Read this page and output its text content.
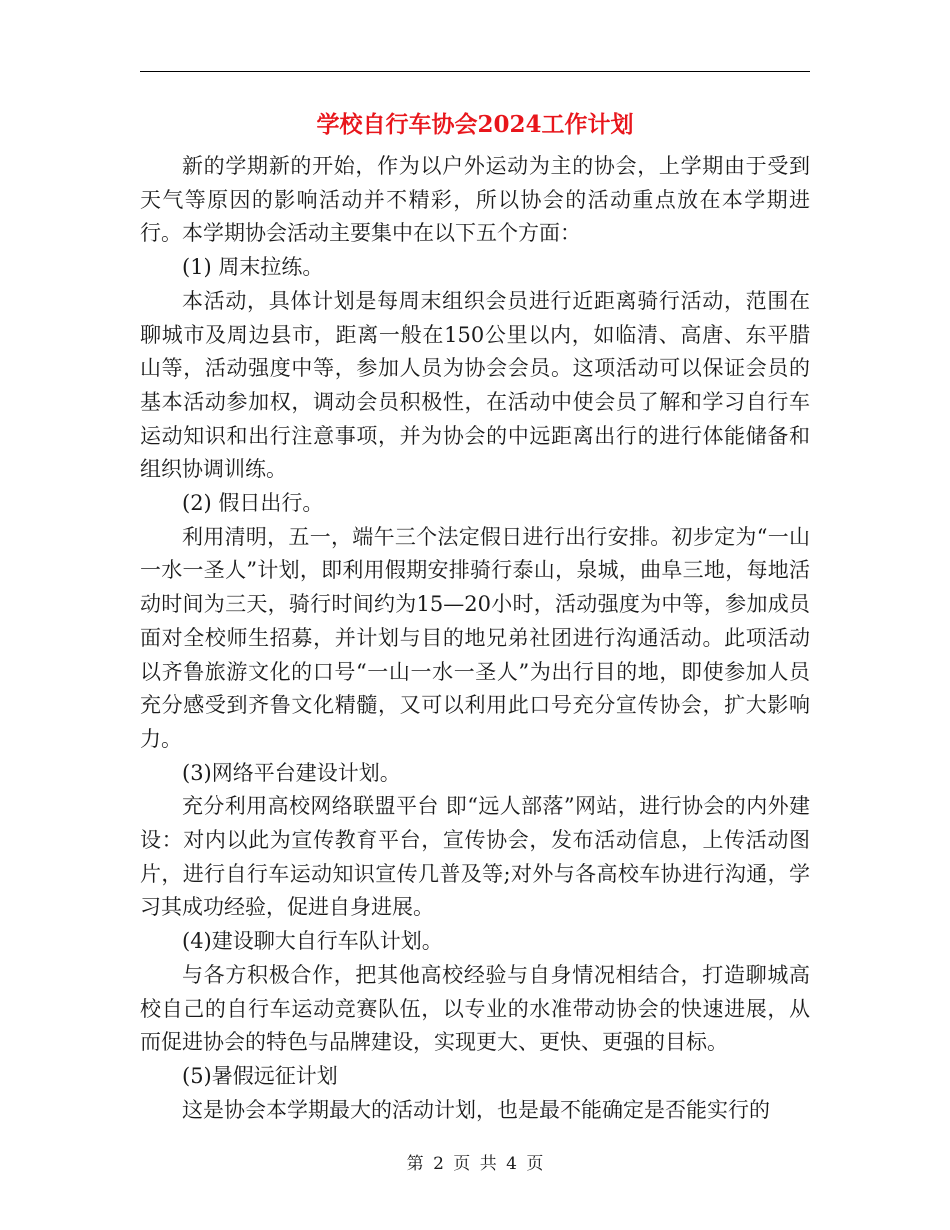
学校自行车协会2024工作计划

新的学期新的开始，作为以户外运动为主的协会，上学期由于受到天气等原因的影响活动并不精彩，所以协会的活动重点放在本学期进行。本学期协会活动主要集中在以下五个方面：

(1) 周末拉练。

本活动，具体计划是每周末组织会员进行近距离骑行活动，范围在聊城市及周边县市，距离一般在150公里以内，如临清、高唐、东平腊山等，活动强度中等，参加人员为协会会员。这项活动可以保证会员的基本活动参加权，调动会员积极性，在活动中使会员了解和学习自行车运动知识和出行注意事项，并为协会的中远距离出行的进行体能储备和组织协调训练。

(2) 假日出行。

利用清明，五一，端午三个法定假日进行出行安排。初步定为“一山一水一圣人”计划，即利用假期安排骑行泰山，泉城，曲阜三地，每地活动时间为三天，骑行时间约为15—20小时，活动强度为中等，参加成员面对全校师生招募，并计划与目的地兄弟社团进行沟通活动。此项活动以齐鲁旅游文化的口号“一山一水一圣人”为出行目的地，即使参加人员充分感受到齐鲁文化精髓，又可以利用此口号充分宣传协会，扩大影响力。

(3)网络平台建设计划。

充分利用高校网络联盟平台 即“远人部落”网站，进行协会的内外建设：对内以此为宣传教育平台，宣传协会，发布活动信息，上传活动图片，进行自行车运动知识宣传几普及等;对外与各高校车协进行沟通，学习其成功经验，促进自身进展。

(4)建设聊大自行车队计划。

与各方积极合作，把其他高校经验与自身情况相结合，打造聊城高校自己的自行车运动竞赛队伍，以专业的水准带动协会的快速进展，从而促进协会的特色与品牌建设，实现更大、更快、更强的目标。

(5)暑假远征计划

这是协会本学期最大的活动计划，也是最不能确定是否能实行的

第 2 页 共 4 页
